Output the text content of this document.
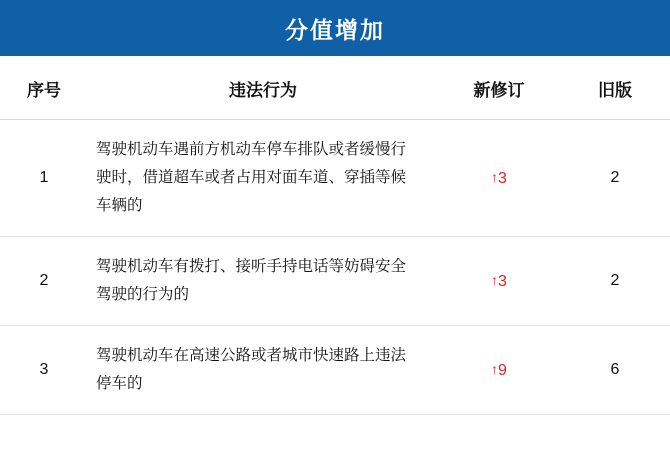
分值增加
序号	违法行为	新修订	旧版
1	驾驶机动车遇前方机动车停车排队或者缓慢行驶时，借道超车或者占用对面车道、穿插等候车辆的	↑3	2
2	驾驶机动车有拨打、接听手持电话等妨碍安全驾驶的行为的	↑3	2
3	驾驶机动车在高速公路或者城市快速路上违法停车的	↑9	6
